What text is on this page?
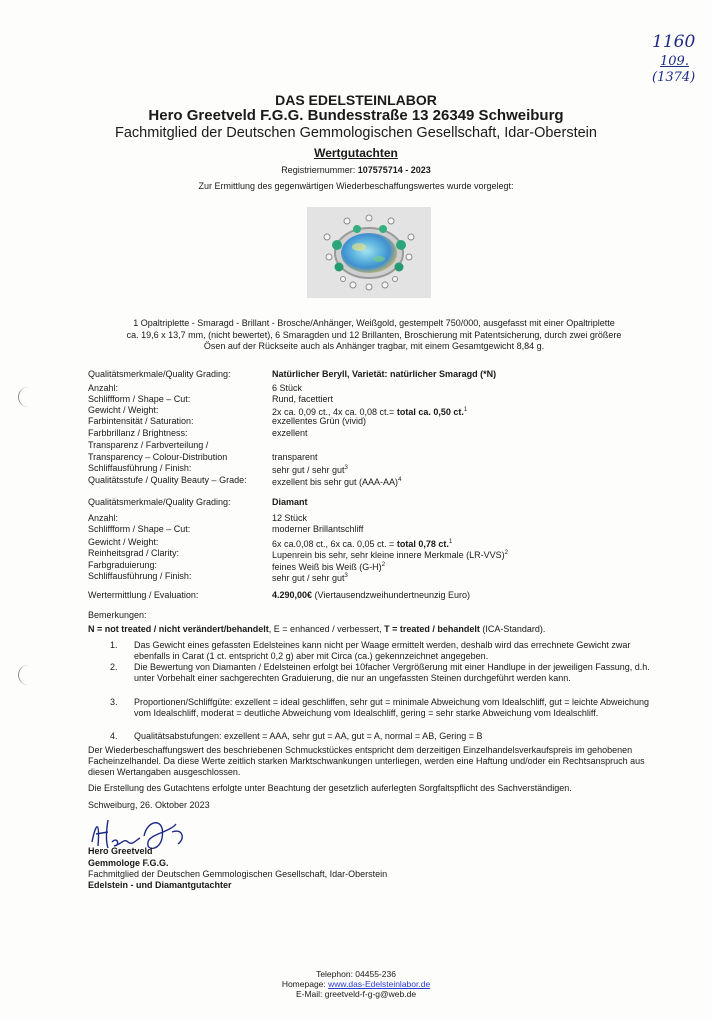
1160
109.
(1374)
DAS EDELSTEINLABOR
Hero Greetveld F.G.G. Bundesstraße 13 26349 Schweiburg
Fachmitglied der Deutschen Gemmologischen Gesellschaft, Idar-Oberstein
Wertgutachten
Registriernummer: 107575714 - 2023
Zur Ermittlung des gegenwärtigen Wiederbeschaffungswertes wurde vorgelegt:
1 Opaltriplette - Smaragd - Brillant - Brosche/Anhänger, Weißgold, gestempelt 750/000, ausgefasst mit einer Opaltriplette
ca. 19,6 x 13,7 mm, (nicht bewertet), 6 Smaragden und 12 Brillanten, Broschierung mit Patentsicherung, durch zwei größere
Ösen auf der Rückseite auch als Anhänger tragbar, mit einem Gesamtgewicht 8,84 g.
Qualitätsmerkmale/Quality Grading:	Natürlicher Beryll, Varietät: natürlicher Smaragd (*N)
Anzahl:	6 Stück
Schliffform / Shape – Cut:	Rund, facettiert
Gewicht / Weight:	2x ca. 0,09 ct., 4x ca. 0,08 ct.= total ca. 0,50 ct.$^1$
Farbintensität / Saturation:	exzellentes Grün (vivid)
Farbbrillanz / Brightness:	exzellent
Transparenz / Farbverteilung /
Transparency – Colour-Distribution	transparent
Schliffausführung / Finish:	sehr gut / sehr gut$^3$
Qualitätsstufe / Quality Beauty – Grade:	exzellent bis sehr gut (AAA-AA)$^4$
Qualitätsmerkmale/Quality Grading:	Diamant
Anzahl:	12 Stück
Schliffform / Shape – Cut:	moderner Brillantschliff
Gewicht / Weight:	6x ca.0,08 ct., 6x ca. 0,05 ct. = total 0,78 ct.$^1$
Reinheitsgrad / Clarity:	Lupenrein bis sehr, sehr kleine innere Merkmale (LR-VVS)$^2$
Farbgraduierung:	feines Weiß bis Weiß (G-H)$^2$
Schliffausführung / Finish:	sehr gut / sehr gut$^3$
Wertermittlung / Evaluation:	4.290,00€ (Viertausendzweihundertneunzig Euro)
Bemerkungen:
N = not treated / nicht verändert/behandelt, E = enhanced / verbessert, T = treated / behandelt (ICA-Standard).
1. Das Gewicht eines gefassten Edelsteines kann nicht per Waage ermittelt werden, deshalb wird das errechnete Gewicht zwar ebenfalls in Carat (1 ct. entspricht 0,2 g) aber mit Circa (ca.) gekennzeichnet angegeben.
2. Die Bewertung von Diamanten / Edelsteinen erfolgt bei 10facher Vergrößerung mit einer Handlupe in der jeweiligen Fassung, d.h. unter Vorbehalt einer sachgerechten Graduierung, die nur an ungefassten Steinen durchgeführt werden kann.
3. Proportionen/Schliffgüte: exzellent = ideal geschliffen, sehr gut = minimale Abweichung vom Idealschliff, gut = leichte Abweichung vom Idealschliff, moderat = deutliche Abweichung vom Idealschliff, gering = sehr starke Abweichung vom Idealschliff.
4. Qualitätsabstufungen: exzellent = AAA, sehr gut = AA, gut = A, normal = AB, Gering = B
Der Wiederbeschaffungswert des beschriebenen Schmuckstückes entspricht dem derzeitigen Einzelhandelsverkaufspreis im gehobenen Facheinzelhandel. Da diese Werte zeitlich starken Marktschwankungen unterliegen, werden eine Haftung und/oder ein Rechtsanspruch aus diesen Wertangaben ausgeschlossen.
Die Erstellung des Gutachtens erfolgte unter Beachtung der gesetzlich auferlegten Sorgfaltspflicht des Sachverständigen.
Schweiburg, 26. Oktober 2023
Hero Greetveld
Gemmologe F.G.G.
Fachmitglied der Deutschen Gemmologischen Gesellschaft, Idar-Oberstein
Edelstein - und Diamantgutachter
Telephon: 04455-236
Homepage: www.das-Edelsteinlabor.de
E-Mail: greetveld-f-g-g@web.de
